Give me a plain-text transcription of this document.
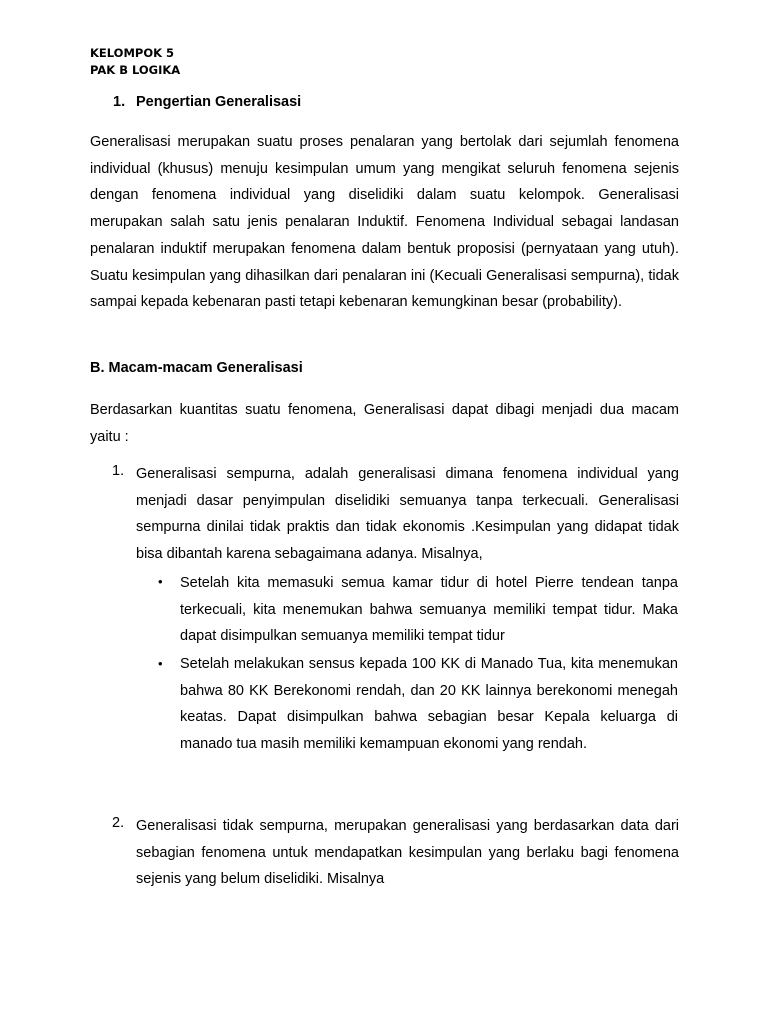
KELOMPOK 5
PAK B LOGIKA
1. Pengertian Generalisasi

Generalisasi merupakan suatu proses penalaran yang bertolak dari sejumlah fenomena individual (khusus) menuju kesimpulan umum yang mengikat seluruh fenomena sejenis dengan fenomena individual yang diselidiki dalam suatu kelompok. Generalisasi merupakan salah satu jenis penalaran Induktif. Fenomena Individual sebagai landasan penalaran induktif merupakan fenomena dalam bentuk proposisi (pernyataan yang utuh). Suatu kesimpulan yang dihasilkan dari penalaran ini (Kecuali Generalisasi sempurna), tidak sampai kepada kebenaran pasti tetapi kebenaran kemungkinan besar (probability).

B. Macam-macam Generalisasi

Berdasarkan kuantitas suatu fenomena, Generalisasi dapat dibagi menjadi dua macam yaitu :

1. Generalisasi sempurna, adalah generalisasi dimana fenomena individual yang menjadi dasar penyimpulan diselidiki semuanya tanpa terkecuali. Generalisasi sempurna dinilai tidak praktis dan tidak ekonomis .Kesimpulan yang didapat tidak bisa dibantah karena sebagaimana adanya. Misalnya,

• Setelah kita memasuki semua kamar tidur di hotel Pierre tendean tanpa terkecuali, kita menemukan bahwa semuanya memiliki tempat tidur. Maka dapat disimpulkan semuanya memiliki tempat tidur

• Setelah melakukan sensus kepada 100 KK di Manado Tua, kita menemukan bahwa 80 KK Berekonomi rendah, dan 20 KK lainnya berekonomi menegah keatas. Dapat disimpulkan bahwa sebagian besar Kepala keluarga di manado tua masih memiliki kemampuan ekonomi yang rendah.

2. Generalisasi tidak sempurna, merupakan generalisasi yang berdasarkan data dari sebagian fenomena untuk mendapatkan kesimpulan yang berlaku bagi fenomena sejenis yang belum diselidiki. Misalnya
